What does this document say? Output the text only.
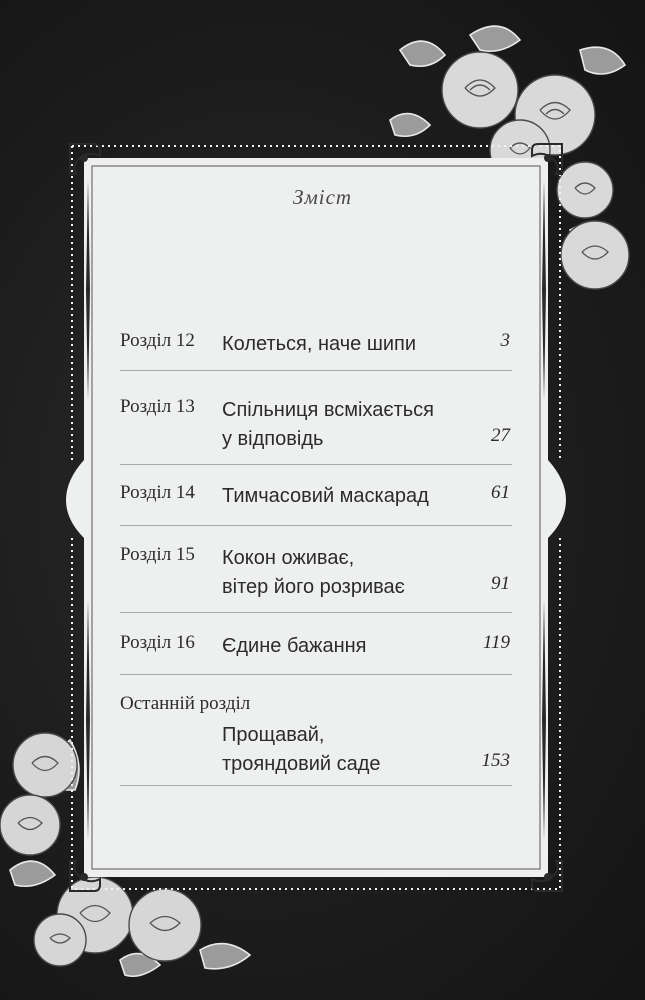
Зміст
Розділ 12 Колеться, наче шипи	3
Розділ 13 Спільниця всміхається
у відповідь	27
Розділ 14 Тимчасовий маскарад	61
Розділ 15 Кокон оживає,
вітер його розриває	91
Розділ 16 Єдине бажання	119
Останній розділ
Прощавай,
трояндовий саде	153
